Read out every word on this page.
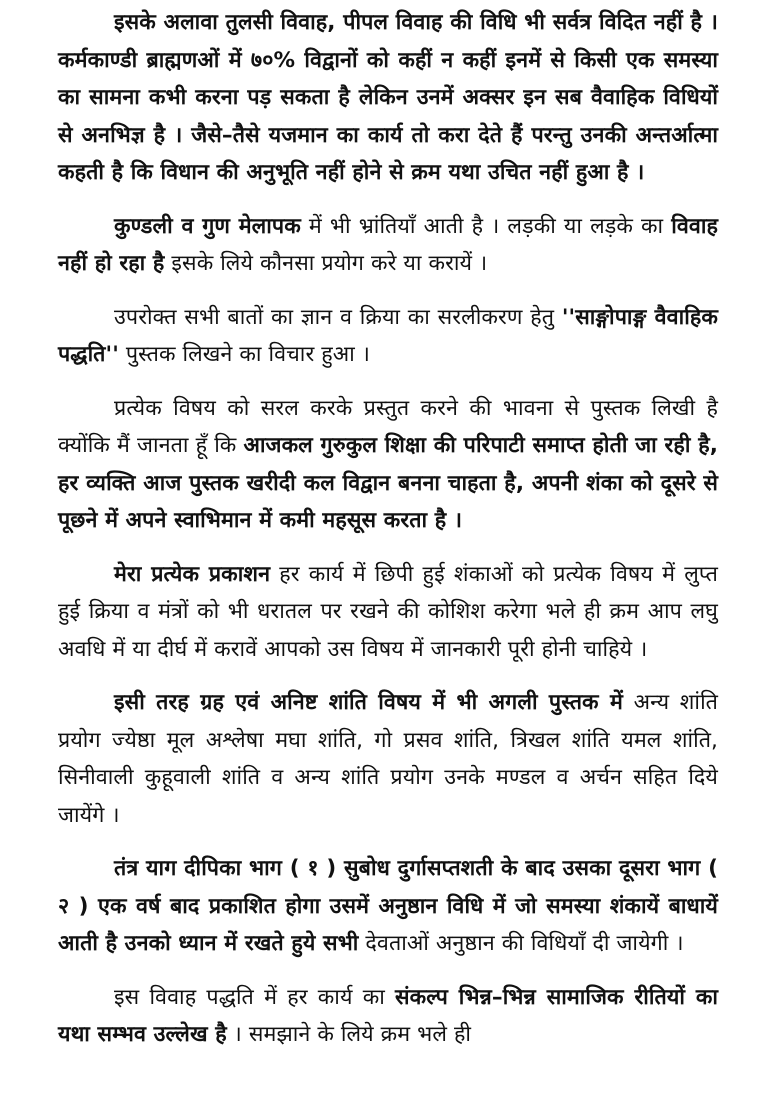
इसके अलावा तुलसी विवाह, पीपल विवाह की विधि भी सर्वत्र विदित नहीं है । कर्मकाण्डी ब्राह्मणओं में ७०% विद्वानों को कहीं न कहीं इनमें से किसी एक समस्या का सामना कभी करना पड़ सकता है लेकिन उनमें अक्सर इन सब वैवाहिक विधियों से अनभिज्ञ है । जैसे–तैसे यजमान का कार्य तो करा देते हैं परन्तु उनकी अन्तर्आत्मा कहती है कि विधान की अनुभूति नहीं होने से क्रम यथा उचित नहीं हुआ है ।

कुण्डली व गुण मेलापक में भी भ्रांतियाँ आती है । लड़की या लड़के का विवाह नहीं हो रहा है इसके लिये कौनसा प्रयोग करे या करायें ।

उपरोक्त सभी बातों का ज्ञान व क्रिया का सरलीकरण हेतु ''साङ्गोपाङ्ग वैवाहिक पद्धति'' पुस्तक लिखने का विचार हुआ ।

प्रत्येक विषय को सरल करके प्रस्तुत करने की भावना से पुस्तक लिखी है क्योंकि मैं जानता हूँ कि आजकल गुरुकुल शिक्षा की परिपाटी समाप्त होती जा रही है, हर व्यक्ति आज पुस्तक खरीदी कल विद्वान बनना चाहता है, अपनी शंका को दूसरे से पूछने में अपने स्वाभिमान में कमी महसूस करता है ।

मेरा प्रत्येक प्रकाशन हर कार्य में छिपी हुई शंकाओं को प्रत्येक विषय में लुप्त हुई क्रिया व मंत्रों को भी धरातल पर रखने की कोशिश करेगा भले ही क्रम आप लघु अवधि में या दीर्घ में करावें आपको उस विषय में जानकारी पूरी होनी चाहिये ।

इसी तरह ग्रह एवं अनिष्ट शांति विषय में भी अगली पुस्तक में अन्य शांति प्रयोग ज्येष्ठा मूल अश्लेषा मघा शांति, गो प्रसव शांति, त्रिखल शांति यमल शांति, सिनीवाली कुहूवाली शांति व अन्य शांति प्रयोग उनके मण्डल व अर्चन सहित दिये जायेंगे ।

तंत्र याग दीपिका भाग ( १ ) सुबोध दुर्गासप्तशती के बाद उसका दूसरा भाग ( २ ) एक वर्ष बाद प्रकाशित होगा उसमें अनुष्ठान विधि में जो समस्या शंकायें बाधायें आती है उनको ध्यान में रखते हुये सभी देवताओं अनुष्ठान की विधियाँ दी जायेगी ।

इस विवाह पद्धति में हर कार्य का संकल्प भिन्न–भिन्न सामाजिक रीतियों का यथा सम्भव उल्लेख है । समझाने के लिये क्रम भले ही
